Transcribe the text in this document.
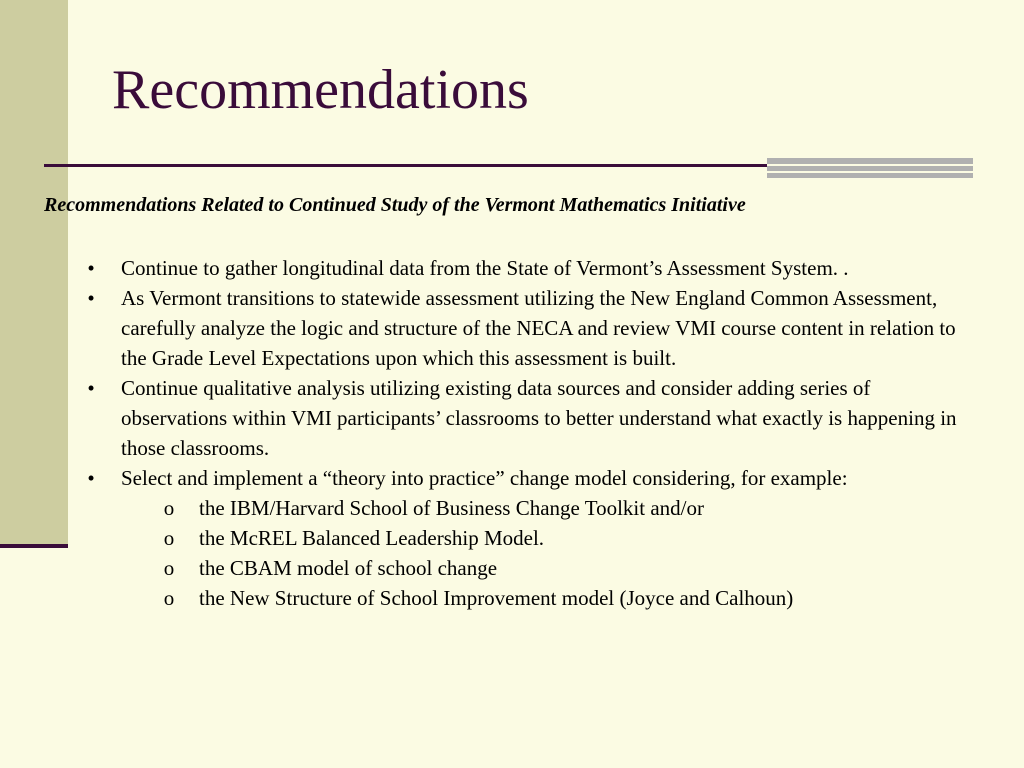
Recommendations

Recommendations Related to Continued Study of the Vermont Mathematics Initiative

• Continue to gather longitudinal data from the State of Vermont’s Assessment System. .
• As Vermont transitions to statewide assessment utilizing the New England Common Assessment, carefully analyze the logic and structure of the NECA and review VMI course content in relation to the Grade Level Expectations upon which this assessment is built.
• Continue qualitative analysis utilizing existing data sources and consider adding series of observations within VMI participants’ classrooms to better understand what exactly is happening in those classrooms.
• Select and implement a “theory into practice” change model considering, for example:
o the IBM/Harvard School of Business Change Toolkit and/or
o the McREL Balanced Leadership Model.
o the CBAM model of school change
o the New Structure of School Improvement model (Joyce and Calhoun)
